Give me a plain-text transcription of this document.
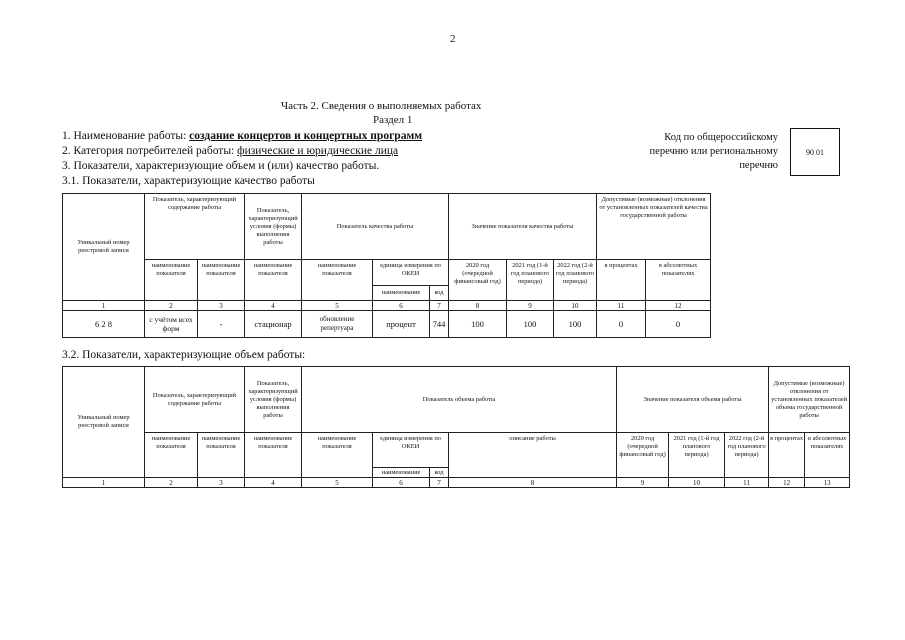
2
Часть 2. Сведения о выполняемых работах
Раздел 1
1. Наименование работы: создание концертов и концертных программ
2. Категория потребителей работы: физические и юридические лица
3. Показатели, характеризующие объем и (или) качество работы.
3.1. Показатели, характеризующие качество работы
Код по общероссийскому
перечню или региональному
перечню
90 01
Уникальный номер реестровой записи	Показатель, характеризующий содержание работы		Показатель, характеризующий условия (формы) выполнения работы	Показатель качества работы			Значение показателя качества работы			Допустимые (возможные) отклонения от установленных показателей качества государственной работы	
	наименование показателя	наименование показателя	наименование показателя	наименование показателя	единица измерения по ОКЕИ		2020 год (очередной финансовый год)	2021 год (1-й год планового периода)	2022 год (2-й год планового периода)	в процентах	в абсолютных показателях
					наименование	код					
1	2	3	4	5	6	7	8	9	10	11	12
6 2 8	с учётом всех форм	-	стационар	обновление репертуара	процент	744	100	100	100	0	0
3.2. Показатели, характеризующие объем работы:
Уникальный номер реестровой записи	Показатель, характеризующий содержание работы		Показатель, характеризующий условия (формы) выполнения работы	Показатель объема работы				Значение показателя объема работы			Допустимые (возможные) отклонения от установленных показателей объема государственной работы	
	наименование показателя	наименование показателя	наименование показателя	наименование показателя	единица измерения по ОКЕИ		описание работы	2020 год (очередной финансовый год)	2021 год (1-й год планового периода)	2022 год (2-й год планового периода)	в процентах	в абсолютных показателях
					наименование	код						
1	2	3	4	5	6	7	8	9	10	11	12	13
